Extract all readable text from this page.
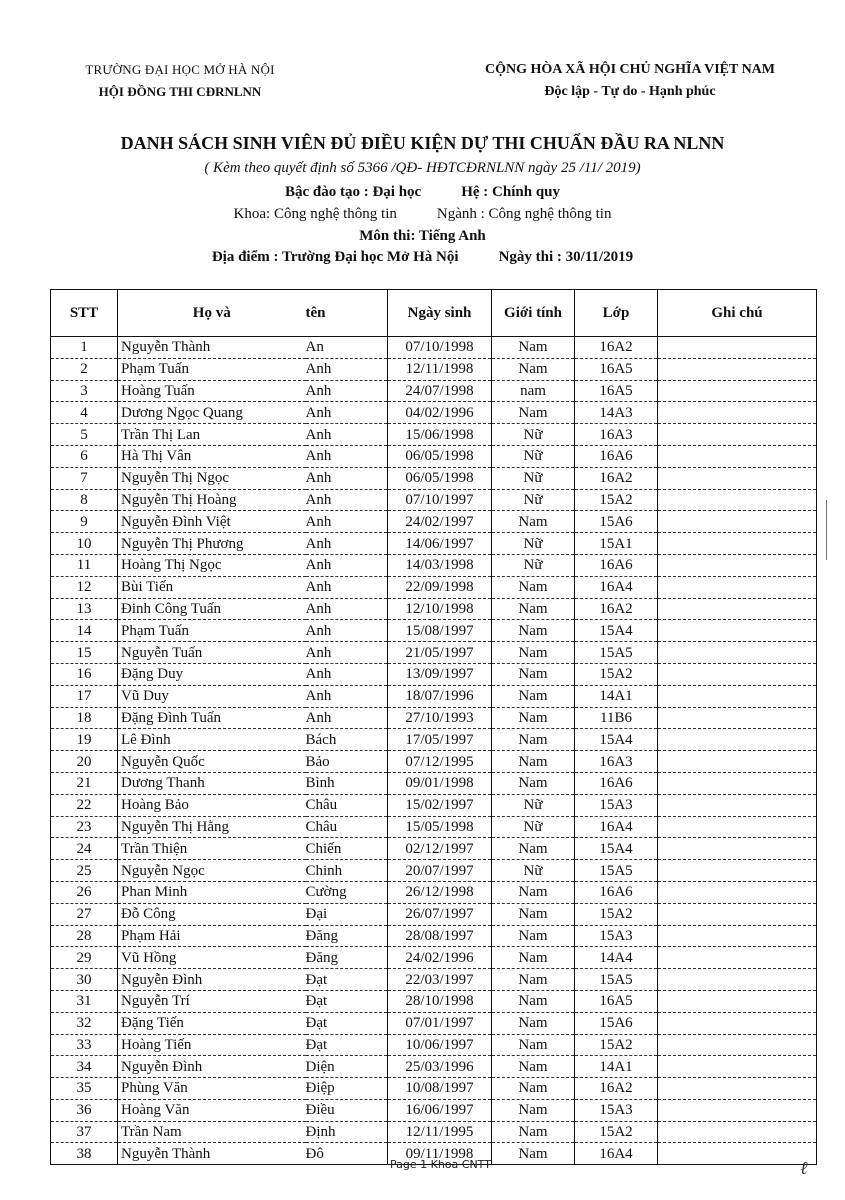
TRƯỜNG ĐẠI HỌC MỞ HÀ NỘI
HỘI ĐỒNG THI CĐRNLNN
CỘNG HÒA XÃ HỘI CHỦ NGHĨA VIỆT NAM
Độc lập - Tự do - Hạnh phúc
DANH SÁCH SINH VIÊN ĐỦ ĐIỀU KIỆN DỰ THI CHUẨN ĐẦU RA NLNN
( Kèm theo quyết định số 5366 /QĐ- HĐTCĐRNLNN ngày 25 /11/ 2019)
Bậc đào tạo : Đại học	Hệ : Chính quy
Khoa: Công nghệ thông tin	Ngành : Công nghệ thông tin
Môn thi: Tiếng Anh
Địa điểm : Trường Đại học Mở Hà Nội	Ngày thi : 30/11/2019
STT	Họ và	tên	Ngày sinh	Giới tính	Lớp	Ghi chú
1	Nguyễn Thành	An	07/10/1998	Nam	16A2	
2	Phạm Tuấn	Anh	12/11/1998	Nam	16A5	
3	Hoàng Tuấn	Anh	24/07/1998	nam	16A5	
4	Dương Ngọc Quang	Anh	04/02/1996	Nam	14A3	
5	Trần Thị Lan	Anh	15/06/1998	Nữ	16A3	
6	Hà Thị Vân	Anh	06/05/1998	Nữ	16A6	
7	Nguyễn Thị Ngọc	Anh	06/05/1998	Nữ	16A2	
8	Nguyễn Thị Hoàng	Anh	07/10/1997	Nữ	15A2	
9	Nguyễn Đình Việt	Anh	24/02/1997	Nam	15A6	
10	Nguyễn Thị Phương	Anh	14/06/1997	Nữ	15A1	
11	Hoàng Thị Ngọc	Anh	14/03/1998	Nữ	16A6	
12	Bùi Tiến	Anh	22/09/1998	Nam	16A4	
13	Đinh Công Tuấn	Anh	12/10/1998	Nam	16A2	
14	Phạm Tuấn	Anh	15/08/1997	Nam	15A4	
15	Nguyễn Tuấn	Anh	21/05/1997	Nam	15A5	
16	Đặng Duy	Anh	13/09/1997	Nam	15A2	
17	Vũ Duy	Anh	18/07/1996	Nam	14A1	
18	Đặng Đình Tuấn	Anh	27/10/1993	Nam	11B6	
19	Lê Đình	Bách	17/05/1997	Nam	15A4	
20	Nguyễn Quốc	Bảo	07/12/1995	Nam	16A3	
21	Dương Thanh	Bình	09/01/1998	Nam	16A6	
22	Hoàng Bảo	Châu	15/02/1997	Nữ	15A3	
23	Nguyễn Thị Hằng	Châu	15/05/1998	Nữ	16A4	
24	Trần Thiện	Chiến	02/12/1997	Nam	15A4	
25	Nguyễn Ngọc	Chinh	20/07/1997	Nữ	15A5	
26	Phan Minh	Cường	26/12/1998	Nam	16A6	
27	Đỗ Công	Đại	26/07/1997	Nam	15A2	
28	Phạm Hải	Đăng	28/08/1997	Nam	15A3	
29	Vũ Hồng	Đăng	24/02/1996	Nam	14A4	
30	Nguyễn Đình	Đạt	22/03/1997	Nam	15A5	
31	Nguyễn Trí	Đạt	28/10/1998	Nam	16A5	
32	Đặng Tiến	Đạt	07/01/1997	Nam	15A6	
33	Hoàng Tiến	Đạt	10/06/1997	Nam	15A2	
34	Nguyễn Đình	Diện	25/03/1996	Nam	14A1	
35	Phùng Văn	Điệp	10/08/1997	Nam	16A2	
36	Hoàng Văn	Điều	16/06/1997	Nam	15A3	
37	Trần Nam	Định	12/11/1995	Nam	15A2	
38	Nguyễn Thành	Đô	09/11/1998	Nam	16A4	
ℓ
Page 1 Khoa CNTT
